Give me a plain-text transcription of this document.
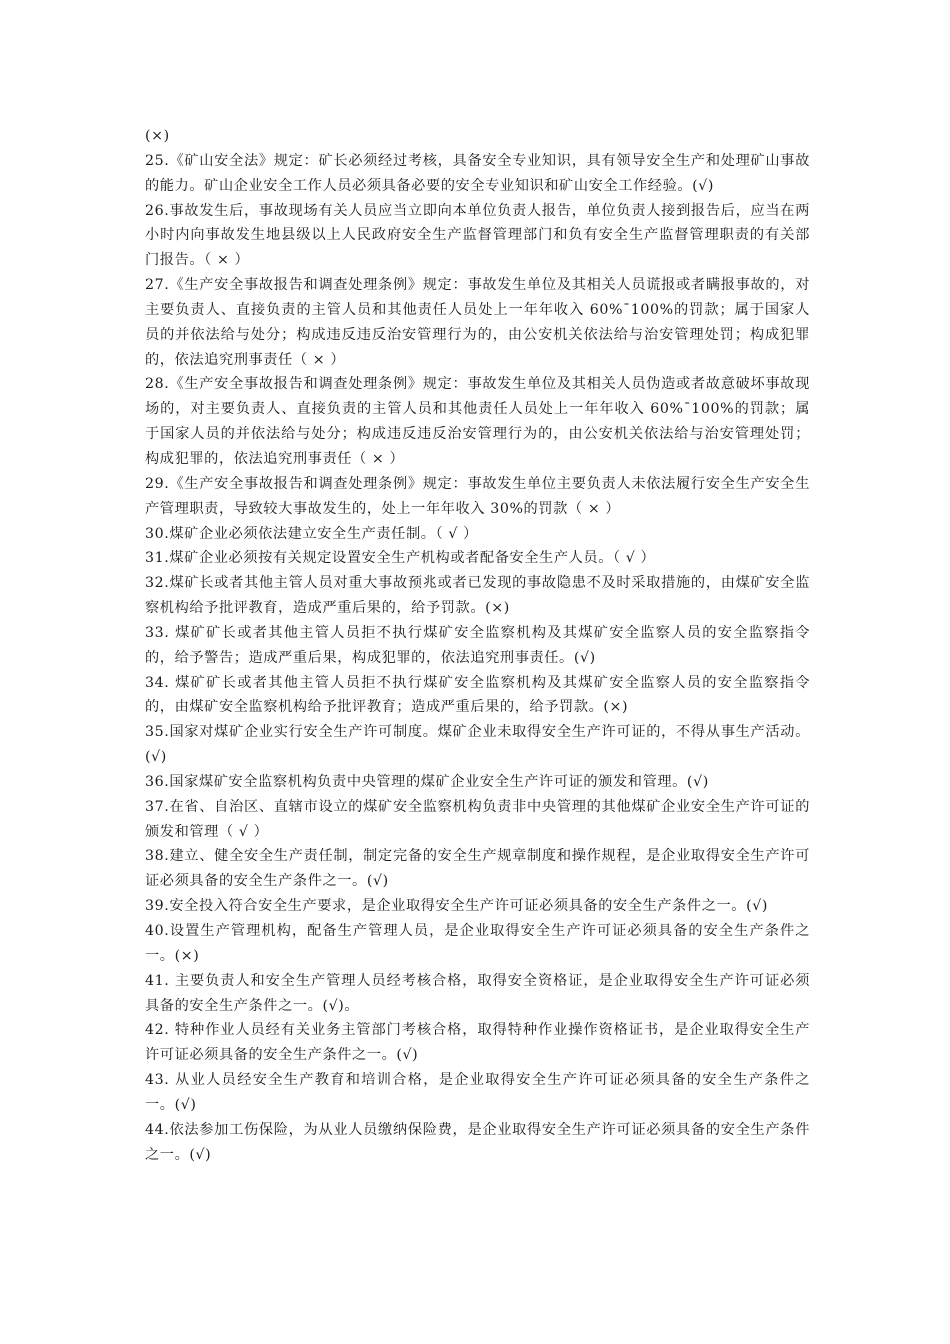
(×)

25.《矿山安全法》规定：矿长必须经过考核，具备安全专业知识，具有领导安全生产和处理矿山事故的能力。矿山企业安全工作人员必须具备必要的安全专业知识和矿山安全工作经验。(√)

26.事故发生后，事故现场有关人员应当立即向本单位负责人报告，单位负责人接到报告后，应当在两小时内向事故发生地县级以上人民政府安全生产监督管理部门和负有安全生产监督管理职责的有关部门报告。（ × ）

27.《生产安全事故报告和调查处理条例》规定：事故发生单位及其相关人员谎报或者瞒报事故的，对主要负责人、直接负责的主管人员和其他责任人员处上一年年收入 60%¯100%的罚款；属于国家人员的并依法给与处分；构成违反违反治安管理行为的，由公安机关依法给与治安管理处罚；构成犯罪的，依法追究刑事责任（ × ）

28.《生产安全事故报告和调查处理条例》规定：事故发生单位及其相关人员伪造或者故意破坏事故现场的，对主要负责人、直接负责的主管人员和其他责任人员处上一年年收入 60%¯100%的罚款；属于国家人员的并依法给与处分；构成违反违反治安管理行为的，由公安机关依法给与治安管理处罚；构成犯罪的，依法追究刑事责任（ × ）

29.《生产安全事故报告和调查处理条例》规定：事故发生单位主要负责人未依法履行安全生产安全生产管理职责，导致较大事故发生的，处上一年年收入 30%的罚款（ × ）

30.煤矿企业必须依法建立安全生产责任制。（ √ ）

31.煤矿企业必须按有关规定设置安全生产机构或者配备安全生产人员。（ √ ）

32.煤矿长或者其他主管人员对重大事故预兆或者已发现的事故隐患不及时采取措施的，由煤矿安全监察机构给予批评教育，造成严重后果的，给予罚款。(×)

33. 煤矿矿长或者其他主管人员拒不执行煤矿安全监察机构及其煤矿安全监察人员的安全监察指令的，给予警告；造成严重后果，构成犯罪的，依法追究刑事责任。(√)

34. 煤矿矿长或者其他主管人员拒不执行煤矿安全监察机构及其煤矿安全监察人员的安全监察指令的，由煤矿安全监察机构给予批评教育；造成严重后果的，给予罚款。(×)

35.国家对煤矿企业实行安全生产许可制度。煤矿企业未取得安全生产许可证的，不得从事生产活动。(√)

36.国家煤矿安全监察机构负责中央管理的煤矿企业安全生产许可证的颁发和管理。(√)

37.在省、自治区、直辖市设立的煤矿安全监察机构负责非中央管理的其他煤矿企业安全生产许可证的颁发和管理（ √ ）

38.建立、健全安全生产责任制，制定完备的安全生产规章制度和操作规程，是企业取得安全生产许可证必须具备的安全生产条件之一。(√)

39.安全投入符合安全生产要求，是企业取得安全生产许可证必须具备的安全生产条件之一。(√)

40.设置生产管理机构，配备生产管理人员，是企业取得安全生产许可证必须具备的安全生产条件之一。(×)

41. 主要负责人和安全生产管理人员经考核合格，取得安全资格证，是企业取得安全生产许可证必须具备的安全生产条件之一。(√)。

42. 特种作业人员经有关业务主管部门考核合格，取得特种作业操作资格证书，是企业取得安全生产许可证必须具备的安全生产条件之一。(√)

43. 从业人员经安全生产教育和培训合格，是企业取得安全生产许可证必须具备的安全生产条件之一。(√)

44.依法参加工伤保险，为从业人员缴纳保险费，是企业取得安全生产许可证必须具备的安全生产条件之一。(√)
